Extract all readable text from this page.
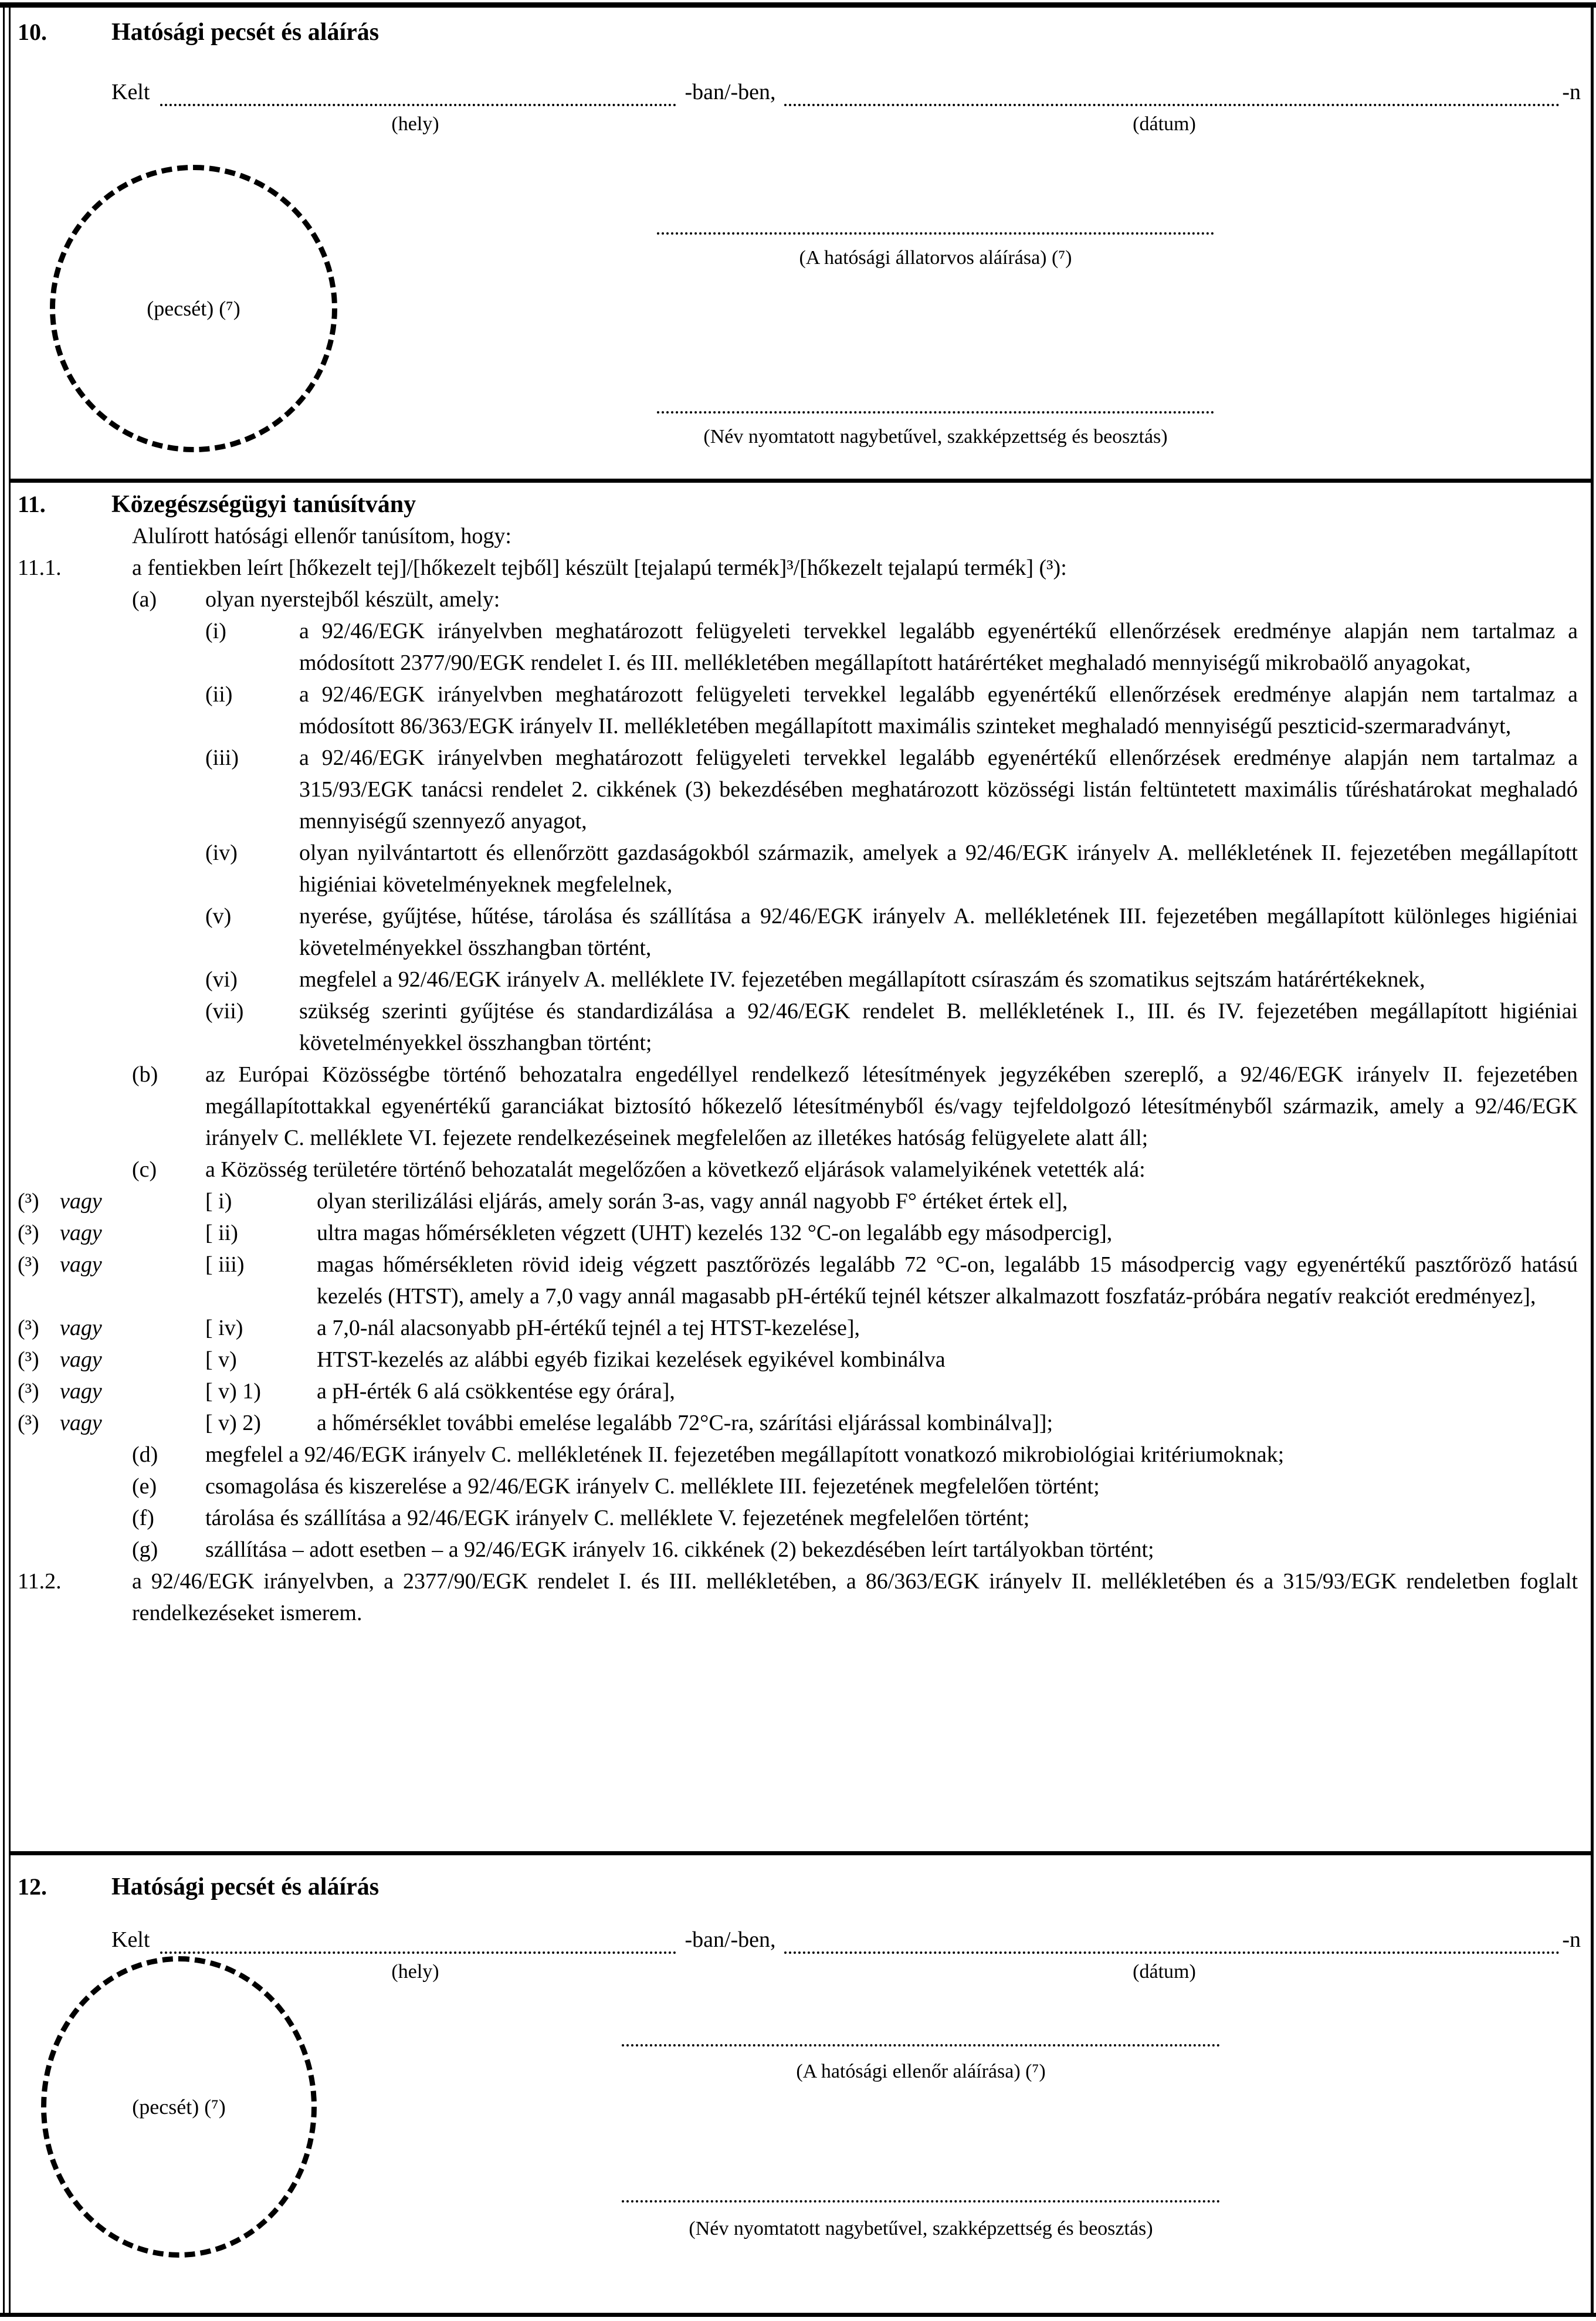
10.	Hatósági pecsét és aláírás
Kelt	-ban/-ben,	-n
(hely)	(dátum)
(pecsét) (⁷)
(A hatósági állatorvos aláírása) (⁷)
(Név nyomtatott nagybetűvel, szakképzettség és beosztás)
11.	Közegészségügyi tanúsítvány
Alulírott hatósági ellenőr tanúsítom, hogy:
11.1.	a fentiekben leírt [hőkezelt tej]/[hőkezelt tejből] készült [tejalapú termék]³/[hőkezelt tejalapú termék] (³):
(a) olyan nyerstejből készült, amely:
(i)	a 92/46/EGK irányelvben meghatározott felügyeleti tervekkel legalább egyenértékű ellenőrzések eredménye alapján nem tartalmaz a módosított 2377/90/EGK rendelet I. és III. mellékletében megállapított határértéket meghaladó mennyiségű mikrobaölő anyagokat,
(ii)	a 92/46/EGK irányelvben meghatározott felügyeleti tervekkel legalább egyenértékű ellenőrzések eredménye alapján nem tartalmaz a módosított 86/363/EGK irányelv II. mellékletében megállapított maximális szinteket meghaladó mennyiségű peszticid-szermaradványt,
(iii)	a 92/46/EGK irányelvben meghatározott felügyeleti tervekkel legalább egyenértékű ellenőrzések eredménye alapján nem tartalmaz a 315/93/EGK tanácsi rendelet 2. cikkének (3) bekezdésében meghatározott közösségi listán feltüntetett maximális tűréshatárokat meghaladó mennyiségű szennyező anyagot,
(iv)	olyan nyilvántartott és ellenőrzött gazdaságokból származik, amelyek a 92/46/EGK irányelv A. mellékletének II. fejezetében megállapított higiéniai követelményeknek megfelelnek,
(v)	nyerése, gyűjtése, hűtése, tárolása és szállítása a 92/46/EGK irányelv A. mellékletének III. fejezetében megállapított különleges higiéniai követelményekkel összhangban történt,
(vi)	megfelel a 92/46/EGK irányelv A. melléklete IV. fejezetében megállapított csíraszám és szomatikus sejtszám határértékeknek,
(vii) szükség szerinti gyűjtése és standardizálása a 92/46/EGK rendelet B. mellékletének I., III. és IV. fejezetében megállapított higiéniai követelményekkel összhangban történt;
(b) az Európai Közösségbe történő behozatalra engedéllyel rendelkező létesítmények jegyzékében szereplő, a 92/46/EGK irányelv II. fejezetében megállapítottakkal egyenértékű garanciákat biztosító hőkezelő létesítményből és/vagy tejfeldolgozó létesítményből származik, amely a 92/46/EGK irányelv C. melléklete VI. fejezete rendelkezéseinek megfelelően az illetékes hatóság felügyelete alatt áll;
(c) a Közösség területére történő behozatalát megelőzően a következő eljárások valamelyikének vetették alá:
(³) vagy	[ i)	olyan sterilizálási eljárás, amely során 3-as, vagy annál nagyobb F° értéket értek el],
(³) vagy	[ ii)	ultra magas hőmérsékleten végzett (UHT) kezelés 132 °C-on legalább egy másodpercig],
(³) vagy	[ iii)	magas hőmérsékleten rövid ideig végzett pasztőrözés legalább 72 °C-on, legalább 15 másodpercig vagy egyenértékű pasztőröző hatású kezelés (HTST), amely a 7,0 vagy annál magasabb pH-értékű tejnél kétszer alkalmazott foszfatáz-próbára negatív reakciót eredményez],
(³) vagy	[ iv)	a 7,0-nál alacsonyabb pH-értékű tejnél a tej HTST-kezelése],
(³) vagy	[ v)	HTST-kezelés az alábbi egyéb fizikai kezelések egyikével kombinálva
(³) vagy	[ v) 1)	a pH-érték 6 alá csökkentése egy órára],
(³) vagy	[ v) 2)	a hőmérséklet további emelése legalább 72°C-ra, szárítási eljárással kombinálva]];
(d) megfelel a 92/46/EGK irányelv C. mellékletének II. fejezetében megállapított vonatkozó mikrobiológiai kritériumoknak;
(e) csomagolása és kiszerelése a 92/46/EGK irányelv C. melléklete III. fejezetének megfelelően történt;
(f) tárolása és szállítása a 92/46/EGK irányelv C. melléklete V. fejezetének megfelelően történt;
(g) szállítása – adott esetben – a 92/46/EGK irányelv 16. cikkének (2) bekezdésében leírt tartályokban történt;
11.2.	a 92/46/EGK irányelvben, a 2377/90/EGK rendelet I. és III. mellékletében, a 86/363/EGK irányelv II. mellékletében és a 315/93/EGK rendeletben foglalt rendelkezéseket ismerem.
12.	Hatósági pecsét és aláírás
Kelt	-ban/-ben,	-n
(hely)	(dátum)
(pecsét) (⁷)
(A hatósági ellenőr aláírása) (⁷)
(Név nyomtatott nagybetűvel, szakképzettség és beosztás)
